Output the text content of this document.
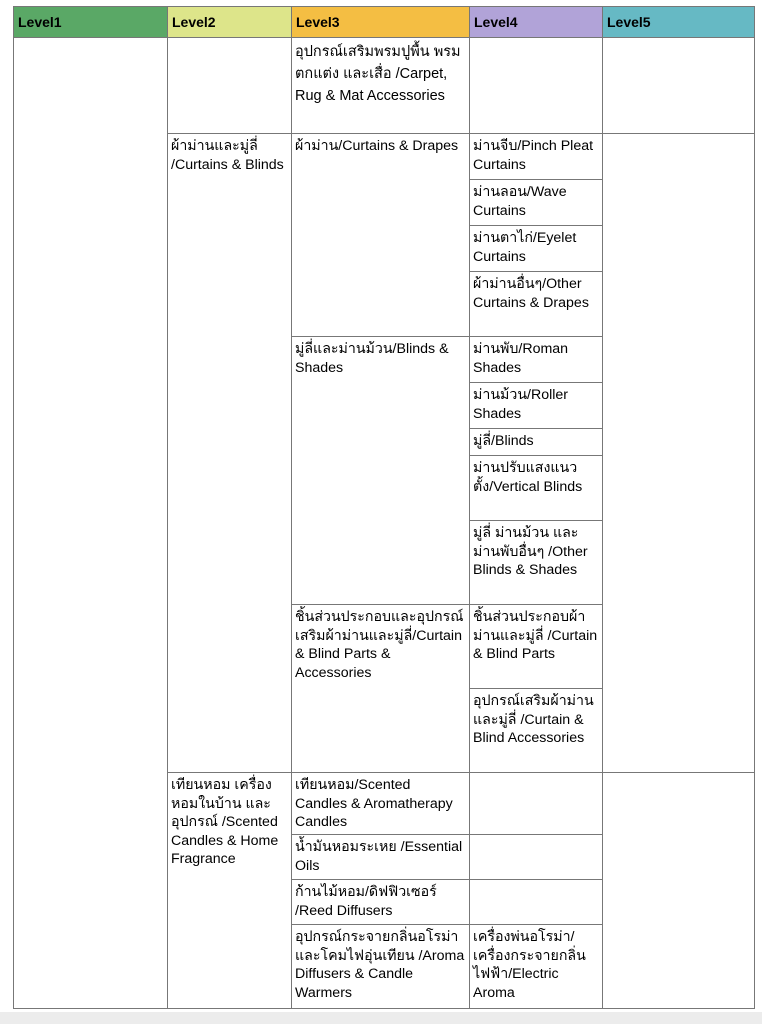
Level1	Level2	Level3	Level4	Level5
		อุปกรณ์เสริมพรมปูพื้น พรมตกแต่ง และเสื่อ /Carpet, Rug & Mat Accessories		
	ผ้าม่านและมู่ลี่ /Curtains & Blinds	ผ้าม่าน/Curtains & Drapes	ม่านจีบ/Pinch Pleat Curtains	
			ม่านลอน/Wave Curtains	
			ม่านตาไก่/Eyelet Curtains	
			ผ้าม่านอื่นๆ/Other Curtains & Drapes	
		มู่ลี่และม่านม้วน/Blinds & Shades	ม่านพับ/Roman Shades	
			ม่านม้วน/Roller Shades	
			มู่ลี่/Blinds	
			ม่านปรับแสงแนวตั้ง/Vertical Blinds	
			มู่ลี่ ม่านม้วน และม่านพับอื่นๆ /Other Blinds & Shades	
		ชิ้นส่วนประกอบและอุปกรณ์เสริมผ้าม่านและมู่ลี่/Curtain & Blind Parts & Accessories	ชิ้นส่วนประกอบผ้าม่านและมู่ลี่ /Curtain & Blind Parts	
			อุปกรณ์เสริมผ้าม่านและมู่ลี่ /Curtain & Blind Accessories	
	เทียนหอม เครื่องหอมในบ้าน และอุปกรณ์ /Scented Candles & Home Fragrance	เทียนหอม/Scented Candles & Aromatherapy Candles		
		น้ำมันหอมระเหย /Essential Oils		
		ก้านไม้หอม/ดิฟฟิวเซอร์ /Reed Diffusers		
		อุปกรณ์กระจายกลิ่นอโรม่าและโคมไฟอุ่นเทียน /Aroma Diffusers & Candle Warmers	เครื่องพ่นอโรม่า/เครื่องกระจายกลิ่นไฟฟ้า/Electric Aroma	
